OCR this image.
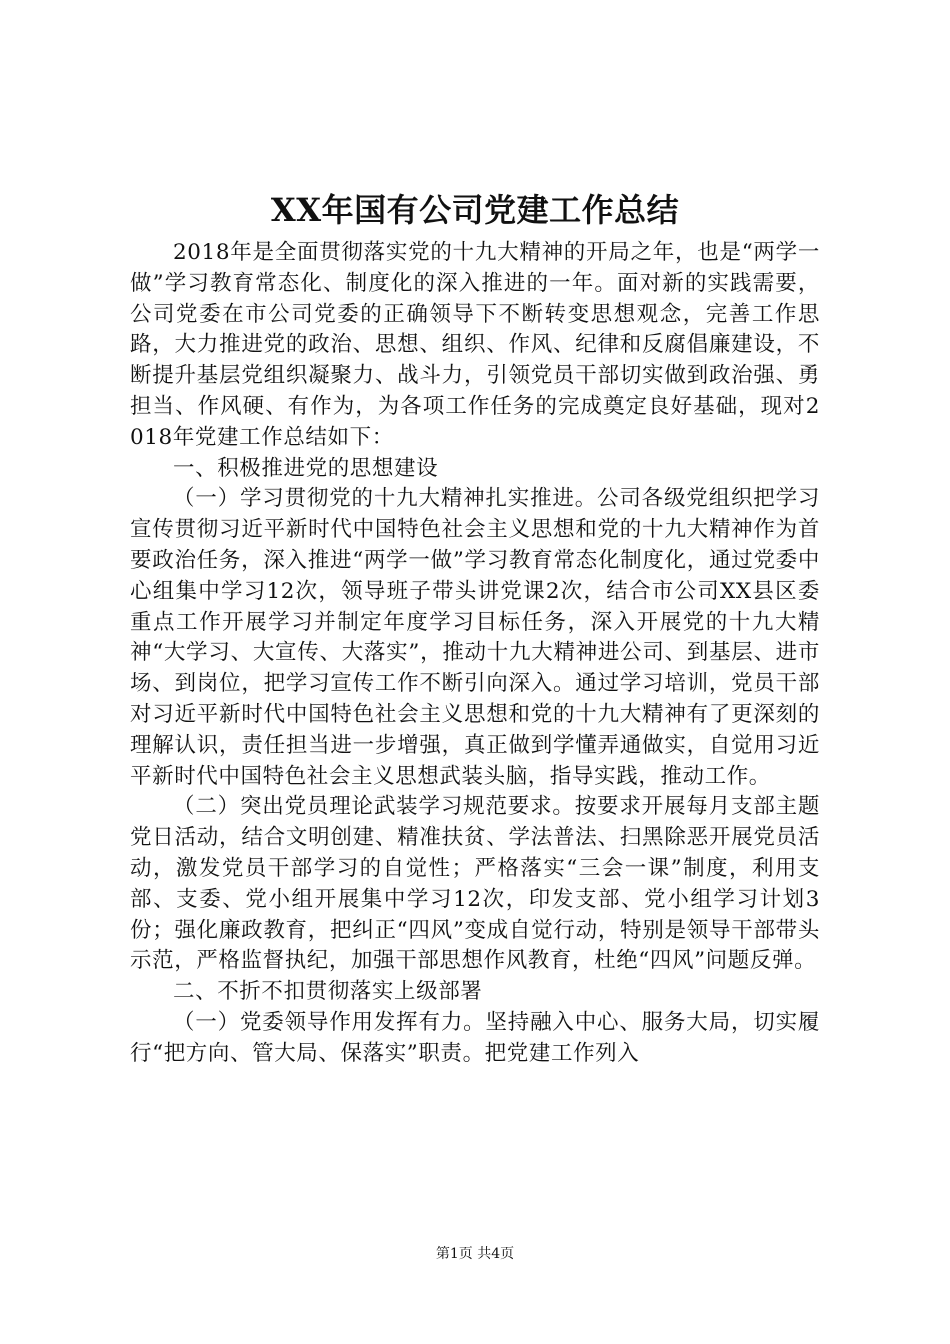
XX年国有公司党建工作总结

2018年是全面贯彻落实党的十九大精神的开局之年，也是“两学一做”学习教育常态化、制度化的深入推进的一年。面对新的实践需要，公司党委在市公司党委的正确领导下不断转变思想观念，完善工作思路，大力推进党的政治、思想、组织、作风、纪律和反腐倡廉建设，不断提升基层党组织凝聚力、战斗力，引领党员干部切实做到政治强、勇担当、作风硬、有作为，为各项工作任务的完成奠定良好基础，现对2018年党建工作总结如下：

一、积极推进党的思想建设

（一）学习贯彻党的十九大精神扎实推进。公司各级党组织把学习宣传贯彻习近平新时代中国特色社会主义思想和党的十九大精神作为首要政治任务，深入推进“两学一做”学习教育常态化制度化，通过党委中心组集中学习12次，领导班子带头讲党课2次，结合市公司XX县区委重点工作开展学习并制定年度学习目标任务，深入开展党的十九大精神“大学习、大宣传、大落实”，推动十九大精神进公司、到基层、进市场、到岗位，把学习宣传工作不断引向深入。通过学习培训，党员干部对习近平新时代中国特色社会主义思想和党的十九大精神有了更深刻的理解认识，责任担当进一步增强，真正做到学懂弄通做实，自觉用习近平新时代中国特色社会主义思想武装头脑，指导实践，推动工作。

（二）突出党员理论武装学习规范要求。按要求开展每月支部主题党日活动，结合文明创建、精准扶贫、学法普法、扫黑除恶开展党员活动，激发党员干部学习的自觉性；严格落实“三会一课”制度，利用支部、支委、党小组开展集中学习12次，印发支部、党小组学习计划3份；强化廉政教育，把纠正“四风”变成自觉行动，特别是领导干部带头示范，严格监督执纪，加强干部思想作风教育，杜绝“四风”问题反弹。

二、不折不扣贯彻落实上级部署

（一）党委领导作用发挥有力。坚持融入中心、服务大局，切实履行“把方向、管大局、保落实”职责。把党建工作列入

第1页 共4页
